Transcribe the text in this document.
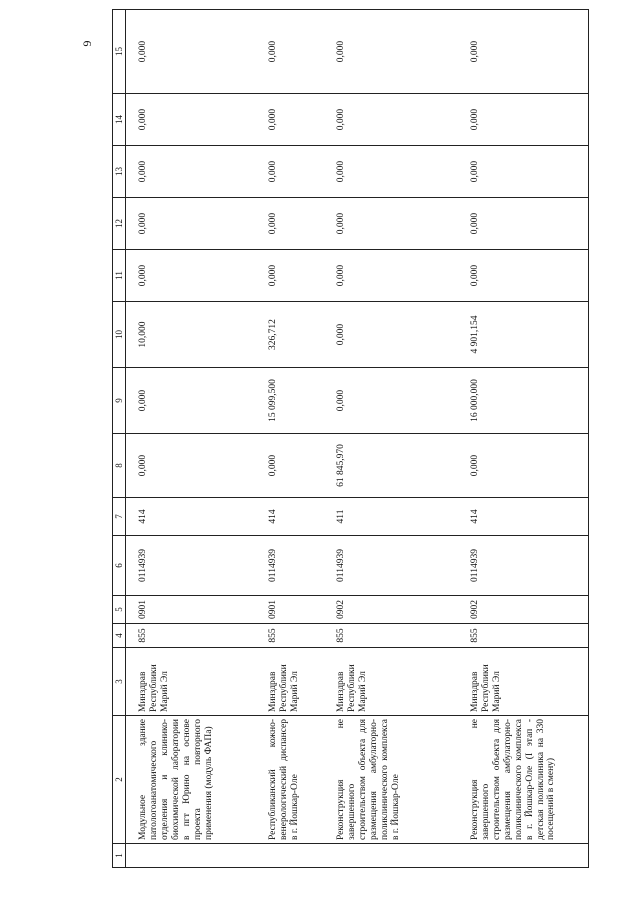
6
1	2	3	4	5	6	7	8	9	10	11	12	13	14	15
	Модульное здание патологоанатомического отделения и клинико-биохимической лаборатории в пгт Юрино на основе проекта повторного применения (модуль ФАПа)	Минздрав Республики Марий Эл	855	0901	0114939	414	0,000	0,000	10,000	0,000	0,000	0,000	0,000	0,000
	Республиканский кожно-венерологический диспансер в г. Йошкар-Оле	Минздрав Республики Марий Эл	855	0901	0114939	414	0,000	15 099,500	326,712	0,000	0,000	0,000	0,000	0,000
	Реконструкция не завершенного строительством объекта для размещения амбулаторно-поликлинического комплекса в г. Йошкар-Оле	Минздрав Республики Марий Эл	855	0902	0114939	411	61 845,970	0,000	0,000	0,000	0,000	0,000	0,000	0,000
	Реконструкция не завершенного строительством объекта для размещения амбулаторно-поликлинического комплекса в г. Йошкар-Оле (I этап - детская поликлиника на 330 посещений в смену)	Минздрав Республики Марий Эл	855	0902	0114939	414	0,000	16 000,000	4 901,154	0,000	0,000	0,000	0,000	0,000
